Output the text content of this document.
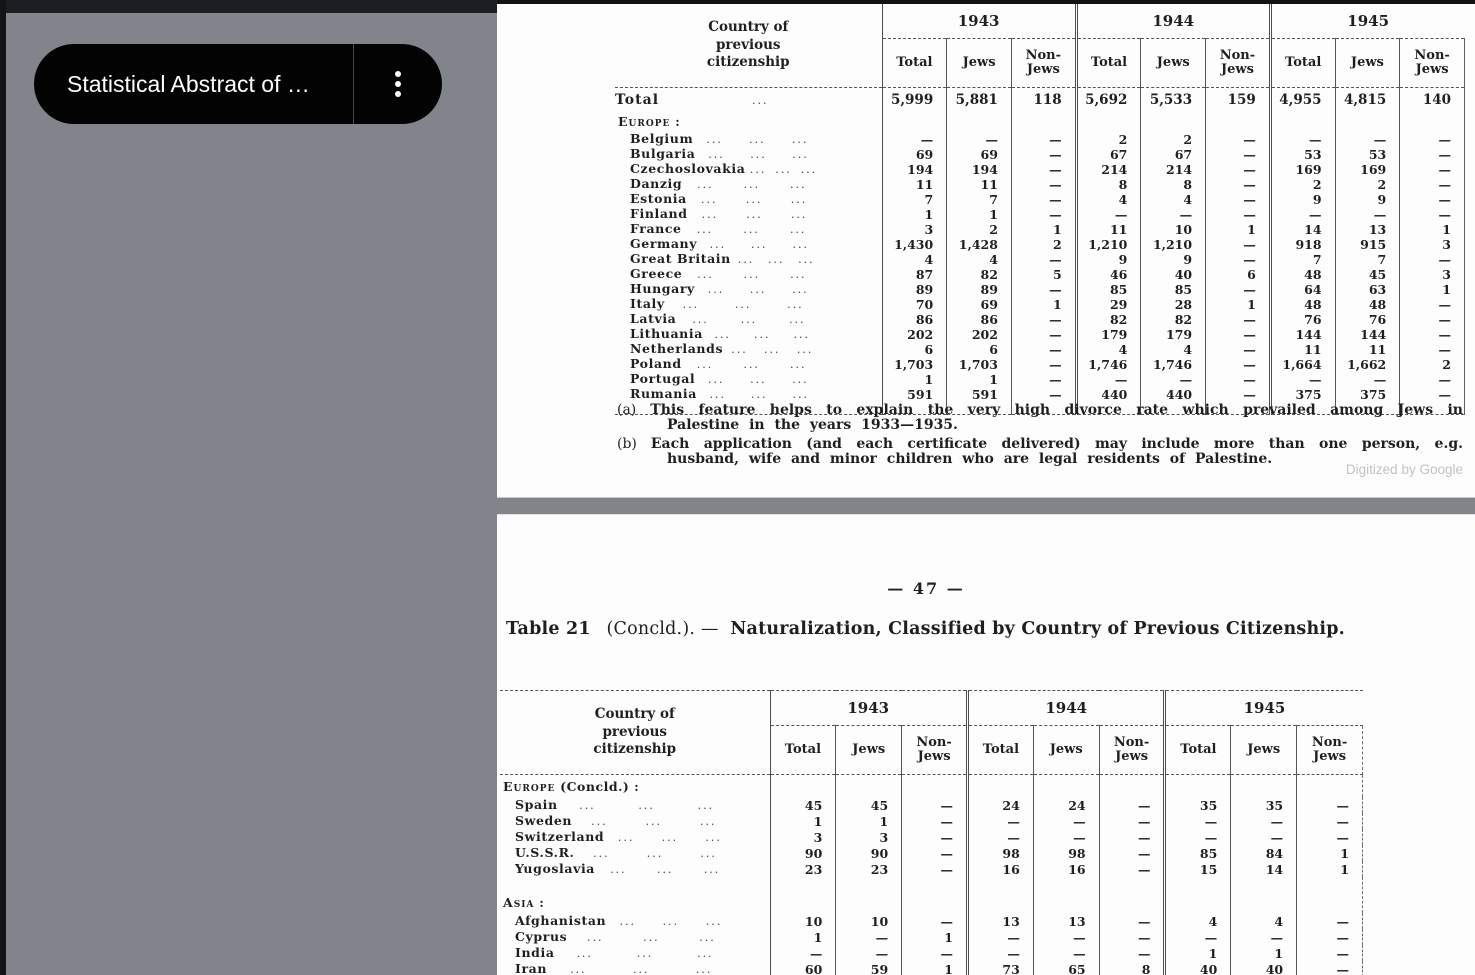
Statistical Abstract of …
Country of previous citizenship	1943			1944			1945		
	Total	Jews	Non-Jews	Total	Jews	Non-Jews	Total	Jews	Non-Jews

Total ...	5,999	5,881	118	5,692	5,533	159	4,955	4,815	140

Europe :									

Belgium ... ... ...	—	—	—	2	2	—	—	—	—

Bulgaria ... ... ...	69	69	—	67	67	—	53	53	—

Czechoslovakia ... ... ...	194	194	—	214	214	—	169	169	—

Danzig ... ... ...	11	11	—	8	8	—	2	2	—

Estonia ... ... ...	7	7	—	4	4	—	9	9	—

Finland ... ... ...	1	1	—	—	—	—	—	—	—

France ... ... ...	3	2	1	11	10	1	14	13	1

Germany ... ... ...	1,430	1,428	2	1,210	1,210	—	918	915	3

Great Britain ... ... ...	4	4	—	9	9	—	7	7	—

Greece ... ... ...	87	82	5	46	40	6	48	45	3

Hungary ... ... ...	89	89	—	85	85	—	64	63	1

Italy ... ... ...	70	69	1	29	28	1	48	48	—

Latvia ... ... ...	86	86	—	82	82	—	76	76	—

Lithuania ... ... ...	202	202	—	179	179	—	144	144	—

Netherlands ... ... ...	6	6	—	4	4	—	11	11	—

Poland ... ... ...	1,703	1,703	—	1,746	1,746	—	1,664	1,662	2

Portugal ... ... ...	1	1	—	—	—	—	—	—	—

Rumania ... ... ...	591	591	—	440	440	—	375	375	—

(a) This feature helps to explain the very high divorce rate which prevailed among Jews in Palestine in the years 1933—1935.

(b) Each application (and each certificate delivered) may include more than one person, e.g. husband, wife and minor children who are legal residents of Palestine.

Digitized by Google
— 47 —
Table 21 (Concld.). — Naturalization, Classified by Country of Previous Citizenship.
Country of previous citizenship	1943			1944			1945		
	Total	Jews	Non-Jews	Total	Jews	Non-Jews	Total	Jews	Non-Jews

Europe (Concld.) :									

Spain ... ... ...	45	45	—	24	24	—	35	35	—

Sweden ... ... ...	1	1	—	—	—	—	—	—	—

Switzerland ... ... ...	3	3	—	—	—	—	—	—	—

U.S.S.R. ... ... ...	90	90	—	98	98	—	85	84	1

Yugoslavia ... ... ...	23	23	—	16	16	—	15	14	1

Asia :									

Afghanistan ... ... ...	10	10	—	13	13	—	4	4	—

Cyprus ... ... ...	1	—	1	—	—	—	—	—	—

India ... ... ...	—	—	—	—	—	—	1	1	—

Iran ... ... ...	60	59	1	73	65	8	40	40	—
